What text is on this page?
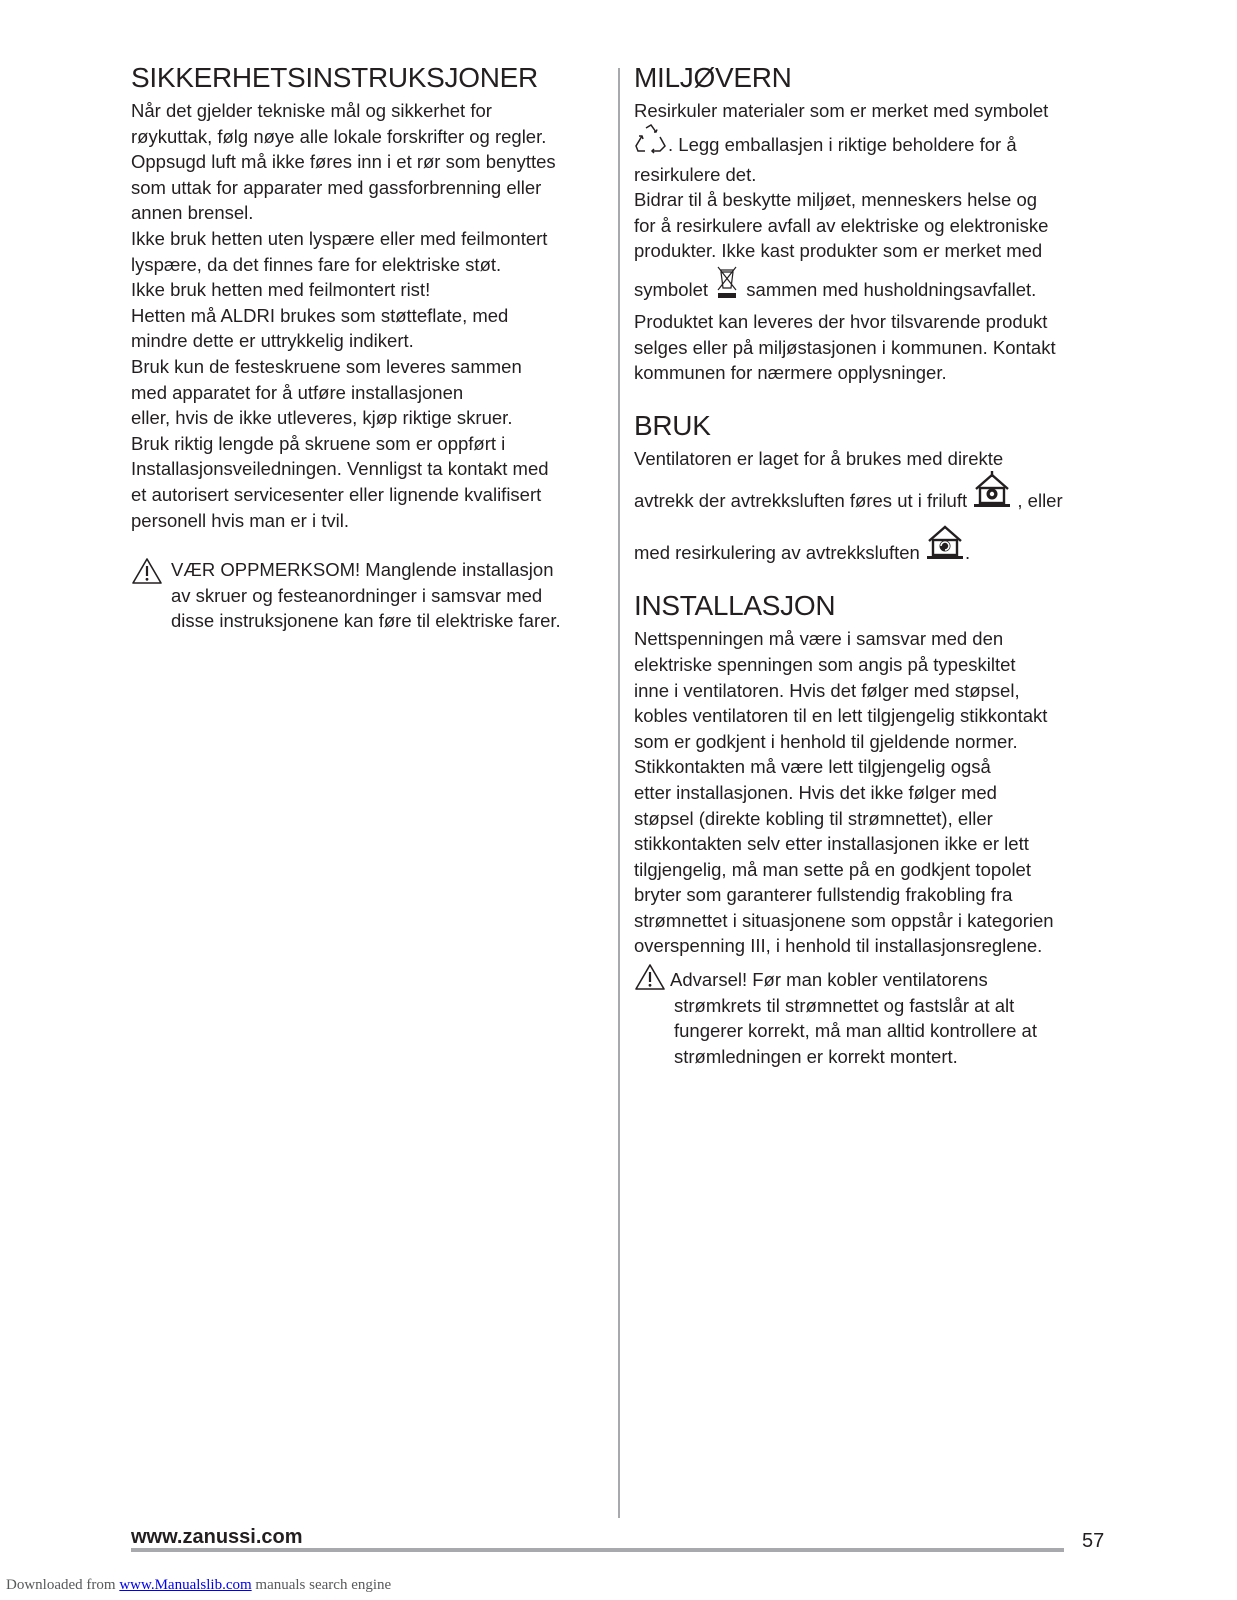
SIKKERHETSINSTRUKSJONER
Når det gjelder tekniske mål og sikkerhet for
røykuttak, følg nøye alle lokale forskrifter og regler.
Oppsugd luft må ikke føres inn i et rør som benyttes
som uttak for apparater med gassforbrenning eller
annen brensel.
Ikke bruk hetten uten lyspære eller med feilmontert
lyspære, da det finnes fare for elektriske støt.
Ikke bruk hetten med feilmontert rist!
Hetten må ALDRI brukes som støtteflate, med
mindre dette er uttrykkelig indikert.
Bruk kun de festeskruene som leveres sammen
med apparatet for å utføre installasjonen
eller, hvis de ikke utleveres, kjøp riktige skruer.
Bruk riktig lengde på skruene som er oppført i
Installasjonsveiledningen. Vennligst ta kontakt med
et autorisert servicesenter eller lignende kvalifisert
personell hvis man er i tvil.
VÆR OPPMERKSOM! Manglende installasjon
av skruer og festeanordninger i samsvar med
disse instruksjonene kan føre til elektriske farer.
MILJØVERN
Resirkuler materialer som er merket med symbolet
. Legg emballasjen i riktige beholdere for å
resirkulere det.
Bidrar til å beskytte miljøet, menneskers helse og
for å resirkulere avfall av elektriske og elektroniske
produkter. Ikke kast produkter som er merket med
symbolet  sammen med husholdningsavfallet.
Produktet kan leveres der hvor tilsvarende produkt
selges eller på miljøstasjonen i kommunen. Kontakt
kommunen for nærmere opplysninger.
BRUK
Ventilatoren er laget for å brukes med direkte
avtrekk der avtrekksluften føres ut i friluft  , eller
med resirkulering av avtrekksluften .
INSTALLASJON
Nettspenningen må være i samsvar med den
elektriske spenningen som angis på typeskiltet
inne i ventilatoren. Hvis det følger med støpsel,
kobles ventilatoren til en lett tilgjengelig stikkontakt
som er godkjent i henhold til gjeldende normer.
Stikkontakten må være lett tilgjengelig også
etter installasjonen. Hvis det ikke følger med
støpsel (direkte kobling til strømnettet), eller
stikkontakten selv etter installasjonen ikke er lett
tilgjengelig, må man sette på en godkjent topolet
bryter som garanterer fullstendig frakobling fra
strømnettet i situasjonene som oppstår i kategorien
overspenning III, i henhold til installasjonsreglene.
Advarsel! Før man kobler ventilatorens
strømkrets til strømnettet og fastslår at alt
fungerer korrekt, må man alltid kontrollere at
strømledningen er korrekt montert.
www.zanussi.com	57
Downloaded from www.Manualslib.com manuals search engine
